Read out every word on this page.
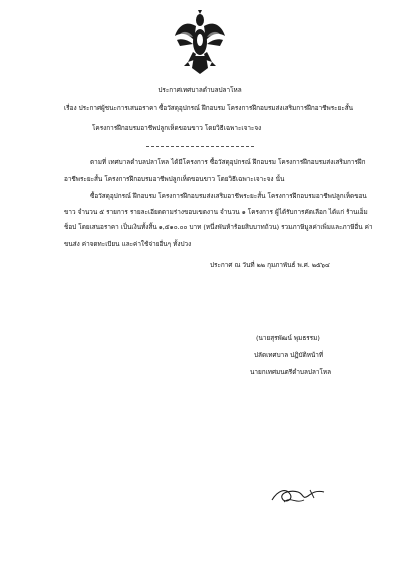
ประกาศเทศบาลตำบลปลาโหล
เรื่อง ประกาศผู้ชนะการเสนอราคา ซื้อวัสดุอุปกรณ์ ฝึกอบรม โครงการฝึกอบรมส่งเสริมการฝึกอาชีพระยะสั้น
โครงการฝึกอบรมอาชีพปลูกเห็ดขอนขาว โดยวิธีเฉพาะเจาะจง
ตามที่ เทศบาลตำบลปลาโหล ได้มีโครงการ ซื้อวัสดุอุปกรณ์ ฝึกอบรม โครงการฝึกอบรมส่งเสริมการฝึก
อาชีพระยะสั้น โครงการฝึกอบรมอาชีพปลูกเห็ดขอนขาว โดยวิธีเฉพาะเจาะจง นั้น
ซื้อวัสดุอุปกรณ์ ฝึกอบรม โครงการฝึกอบรมส่งเสริมอาชีพระยะสั้น โครงการฝึกอบรมอาชีพปลูกเห็ดขอน
ขาว จำนวน ๕ รายการ รายละเอียดตามร่างขอบเขตงาน จำนวน ๑ โครงการ ผู้ได้รับการคัดเลือก ได้แก่ ร้านเอ็ม
ช็อป โดยเสนอราคา เป็นเงินทั้งสิ้น ๑,๕๑๐.๐๐ บาท (หนึ่งพันห้าร้อยสิบบาทถ้วน) รวมภาษีมูลค่าเพิ่มและภาษีอื่น ค่า
ขนส่ง ค่าจดทะเบียน และค่าใช้จ่ายอื่นๆ ทั้งปวง
ประกาศ ณ วันที่ ๒๒ กุมภาพันธ์ พ.ศ. ๒๕๖๔
(นายสุรพัฒน์ พุมธรรม)
ปลัดเทศบาล ปฏิบัติหน้าที่
นายกเทศมนตรีตำบลปลาโหล
